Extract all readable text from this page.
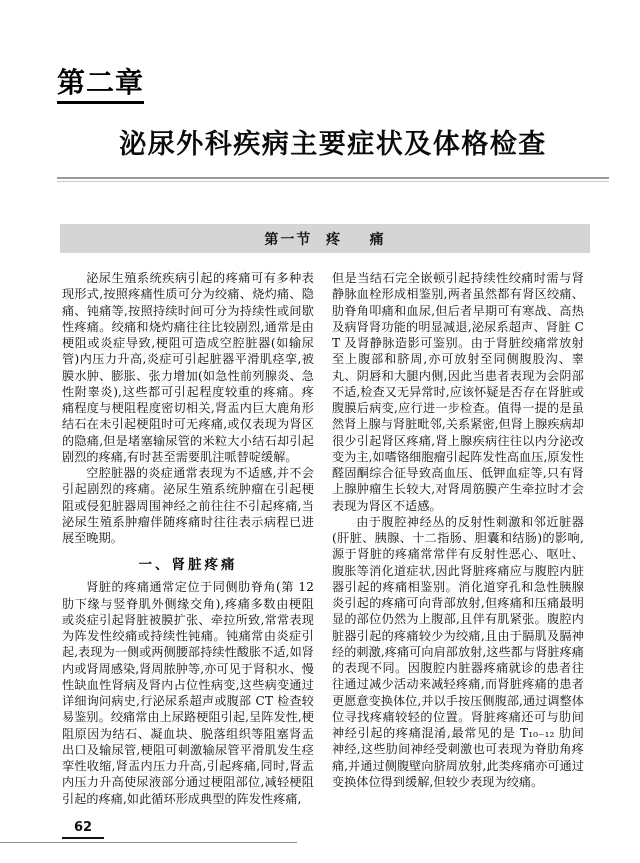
第二章
泌尿外科疾病主要症状及体格检查
第一节  疼    痛

泌尿生殖系统疾病引起的疼痛可有多种表现形式,按照疼痛性质可分为绞痛、烧灼痛、隐痛、钝痛等,按照持续时间可分为持续性或间歇性疼痛。绞痛和烧灼痛往往比较剧烈,通常是由梗阻或炎症导致,梗阻可造成空腔脏器(如输尿管)内压力升高,炎症可引起脏器平滑肌痉挛,被膜水肿、膨胀、张力增加(如急性前列腺炎、急性附睾炎),这些都可引起程度较重的疼痛。疼痛程度与梗阻程度密切相关,肾盂内巨大鹿角形结石在未引起梗阻时可无疼痛,或仅表现为肾区的隐痛,但是堵塞输尿管的米粒大小结石却引起剧烈的疼痛,有时甚至需要肌注哌替啶缓解。

空腔脏器的炎症通常表现为不适感,并不会引起剧烈的疼痛。泌尿生殖系统肿瘤在引起梗阻或侵犯脏器周围神经之前往往不引起疼痛,当泌尿生殖系肿瘤伴随疼痛时往往表示病程已进展至晚期。

一、肾脏疼痛

肾脏的疼痛通常定位于同侧肋脊角(第 12 肋下缘与竖脊肌外侧缘交角),疼痛多数由梗阻或炎症引起肾脏被膜扩张、牵拉所致,常常表现为阵发性绞痛或持续性钝痛。钝痛常由炎症引起,表现为一侧或两侧腰部持续性酸胀不适,如肾内或肾周感染,肾周脓肿等,亦可见于肾积水、慢性缺血性肾病及肾内占位性病变,这些病变通过详细询问病史,行泌尿系超声或腹部 CT 检查较易鉴别。绞痛常由上尿路梗阻引起,呈阵发性,梗阻原因为结石、凝血块、脱落组织等阻塞肾盂出口及输尿管,梗阻可刺激输尿管平滑肌发生痉挛性收缩,肾盂内压力升高,引起疼痛,同时,肾盂内压力升高使尿液部分通过梗阻部位,减轻梗阻引起的疼痛,如此循环形成典型的阵发性疼痛,

但是当结石完全嵌顿引起持续性绞痛时需与肾静脉血栓形成相鉴别,两者虽然都有肾区绞痛、肋脊角叩痛和血尿,但后者早期可有寒战、高热及病肾肾功能的明显减退,泌尿系超声、肾脏 CT 及肾静脉造影可鉴别。由于肾脏绞痛常放射至上腹部和脐周,亦可放射至同侧腹股沟、睾丸、阴唇和大腿内侧,因此当患者表现为会阴部不适,检查又无异常时,应该怀疑是否存在肾脏或腹膜后病变,应行进一步检查。值得一提的是虽然肾上腺与肾脏毗邻,关系紧密,但肾上腺疾病却很少引起肾区疼痛,肾上腺疾病往往以内分泌改变为主,如嗜铬细胞瘤引起阵发性高血压,原发性醛固酮综合征导致高血压、低钾血症等,只有肾上腺肿瘤生长较大,对肾周筋膜产生牵拉时才会表现为肾区不适感。

由于腹腔神经丛的反射性刺激和邻近脏器(肝脏、胰腺、十二指肠、胆囊和结肠)的影响,源于肾脏的疼痛常常伴有反射性恶心、呕吐、腹胀等消化道症状,因此肾脏疼痛应与腹腔内脏器引起的疼痛相鉴别。消化道穿孔和急性胰腺炎引起的疼痛可向背部放射,但疼痛和压痛最明显的部位仍然为上腹部,且伴有肌紧张。腹腔内脏器引起的疼痛较少为绞痛,且由于膈肌及膈神经的刺激,疼痛可向肩部放射,这些都与肾脏疼痛的表现不同。因腹腔内脏器疼痛就诊的患者往往通过减少活动来减轻疼痛,而肾脏疼痛的患者更愿意变换体位,并以手按压侧腹部,通过调整体位寻找疼痛较轻的位置。肾脏疼痛还可与肋间神经引起的疼痛混淆,最常见的是 T₁₀₋₁₂ 肋间神经,这些肋间神经受刺激也可表现为脊肋角疼痛,并通过侧腹壁向脐周放射,此类疼痛亦可通过变换体位得到缓解,但较少表现为绞痛。

62
